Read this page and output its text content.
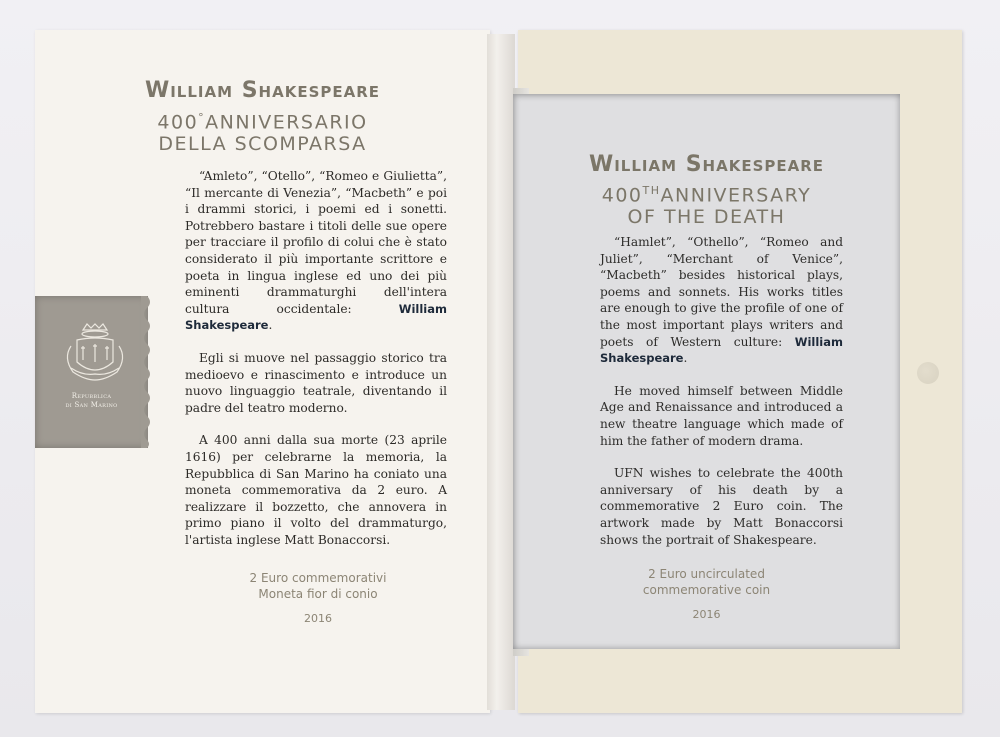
William Shakespeare
400°ANNIVERSARIO
DELLA SCOMPARSA

“Amleto”, “Otello”, “Romeo e Giulietta”, “Il mercante di Venezia”, “Macbeth” e poi i drammi storici, i poemi ed i sonetti. Potrebbero bastare i titoli delle sue opere per tracciare il profilo di colui che è stato considerato il più importante scrittore e poeta in lingua inglese ed uno dei più eminenti drammaturghi dell'intera cultura occidentale: William Shakespeare.

Egli si muove nel passaggio storico tra medioevo e rinascimento e introduce un nuovo linguaggio teatrale, diventando il padre del teatro moderno.

A 400 anni dalla sua morte (23 aprile 1616) per celebrarne la memoria, la Repubblica di San Marino ha coniato una moneta commemorativa da 2 euro. A realizzare il bozzetto, che annovera in primo piano il volto del drammaturgo, l'artista inglese Matt Bonaccorsi.

2 Euro commemorativi
Moneta fior di conio
2016
Repubblica
di San Marino
William Shakespeare
400THANNIVERSARY
OF THE DEATH

“Hamlet”, “Othello”, “Romeo and Juliet”, “Merchant of Venice”, “Macbeth” besides historical plays, poems and sonnets. His works titles are enough to give the profile of one of the most important plays writers and poets of Western culture: William Shakespeare.

He moved himself between Middle Age and Renaissance and introduced a new theatre language which made of him the father of modern drama.

UFN wishes to celebrate the 400th anniversary of his death by a commemorative 2 Euro coin. The artwork made by Matt Bonaccorsi shows the portrait of Shakespeare.

2 Euro uncirculated
commemorative coin
2016
